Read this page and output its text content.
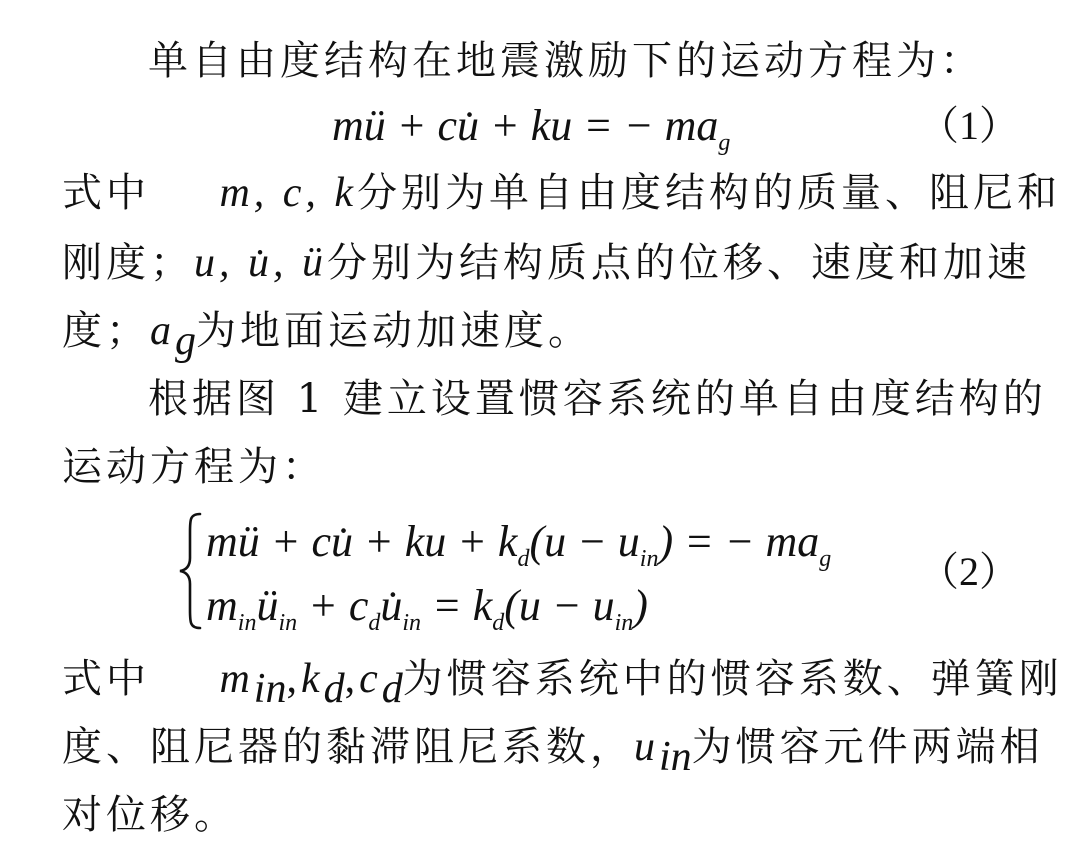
单自由度结构在地震激励下的运动方程为：
mü + cu̇ + ku = − $ma_g$	（1）
式中 m, c, k分别为单自由度结构的质量、阻尼和
刚度；u, u̇, ü分别为结构质点的位移、速度和加速
度；$a_g$为地面运动加速度。
根据图 1 建立设置惯容系统的单自由度结构的
运动方程为：
mü + cu̇ + ku + $k_d(u - u_{in})$ = − $ma_g$
$m_{in}ü_{in}$ + $c_du̇_{in} = k_d(u - u_{in})$
（2）
式中 $m_{in},k_d,c_d$为惯容系统中的惯容系数、弹簧刚
度、阻尼器的黏滞阻尼系数，$u_{in}$为惯容元件两端相
对位移。
